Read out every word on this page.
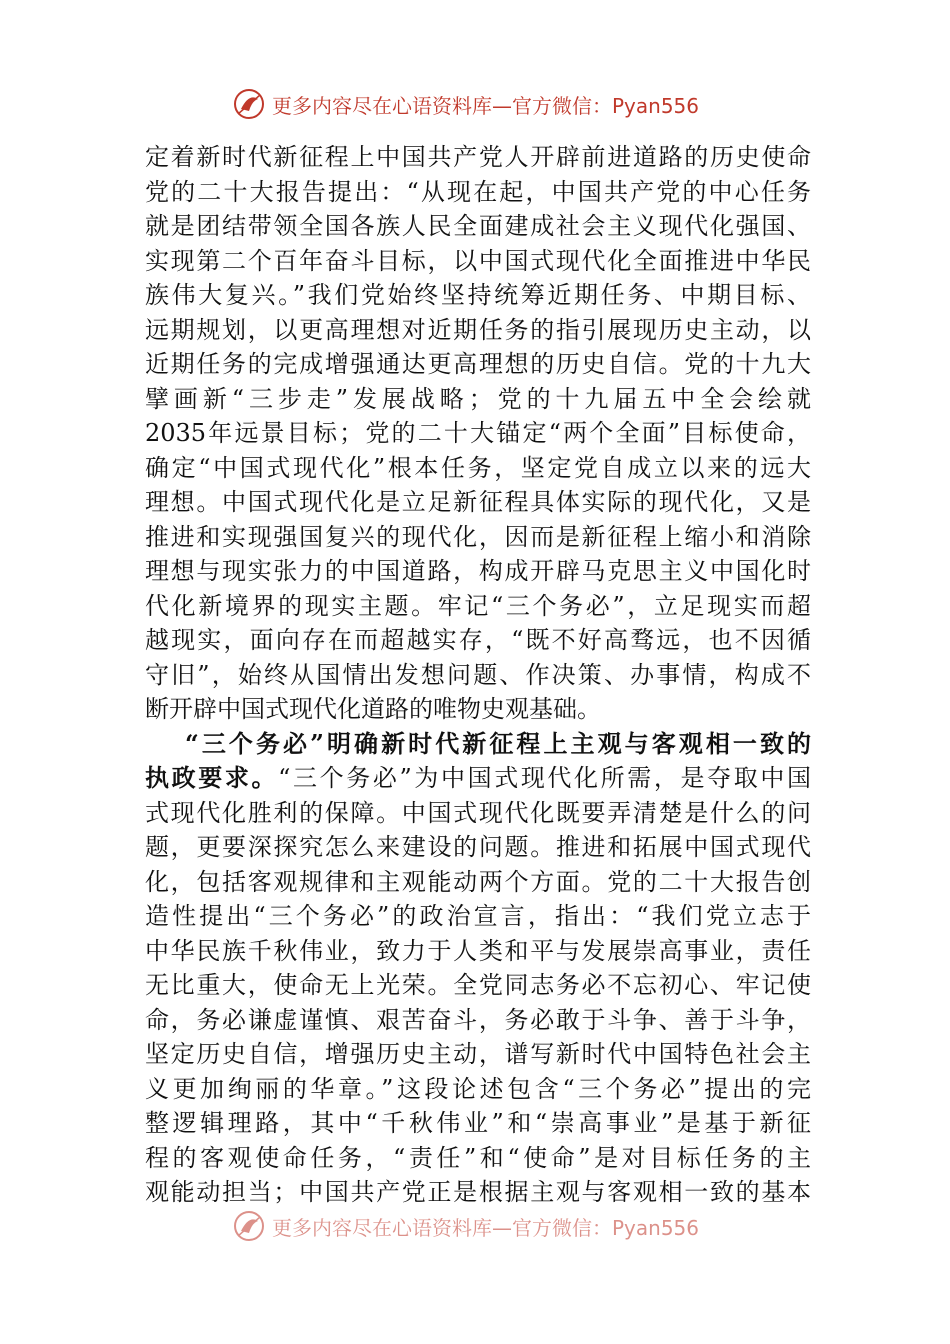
更多内容尽在心语资料库—官方微信：Pyan556
定着新时代新征程上中国共产党人开辟前进道路的历史使命
党的二十大报告提出：“从现在起，中国共产党的中心任务
就是团结带领全国各族人民全面建成社会主义现代化强国、
实现第二个百年奋斗目标，以中国式现代化全面推进中华民
族伟大复兴。”我们党始终坚持统筹近期任务、中期目标、
远期规划，以更高理想对近期任务的指引展现历史主动，以
近期任务的完成增强通达更高理想的历史自信。党的十九大
擘画新“三步走”发展战略；党的十九届五中全会绘就
2035年远景目标；党的二十大锚定“两个全面”目标使命，
确定“中国式现代化”根本任务，坚定党自成立以来的远大
理想。中国式现代化是立足新征程具体实际的现代化，又是
推进和实现强国复兴的现代化，因而是新征程上缩小和消除
理想与现实张力的中国道路，构成开辟马克思主义中国化时
代化新境界的现实主题。牢记“三个务必”，立足现实而超
越现实，面向存在而超越实存，“既不好高骛远，也不因循
守旧”，始终从国情出发想问题、作决策、办事情，构成不
断开辟中国式现代化道路的唯物史观基础。
“三个务必”明确新时代新征程上主观与客观相一致的
执政要求。“三个务必”为中国式现代化所需，是夺取中国
式现代化胜利的保障。中国式现代化既要弄清楚是什么的问
题，更要深探究怎么来建设的问题。推进和拓展中国式现代
化，包括客观规律和主观能动两个方面。党的二十大报告创
造性提出“三个务必”的政治宣言，指出：“我们党立志于
中华民族千秋伟业，致力于人类和平与发展崇高事业，责任
无比重大，使命无上光荣。全党同志务必不忘初心、牢记使
命，务必谦虚谨慎、艰苦奋斗，务必敢于斗争、善于斗争，
坚定历史自信，增强历史主动，谱写新时代中国特色社会主
义更加绚丽的华章。”这段论述包含“三个务必”提出的完
整逻辑理路，其中“千秋伟业”和“崇高事业”是基于新征
程的客观使命任务，“责任”和“使命”是对目标任务的主
观能动担当；中国共产党正是根据主观与客观相一致的基本
更多内容尽在心语资料库—官方微信：Pyan556
